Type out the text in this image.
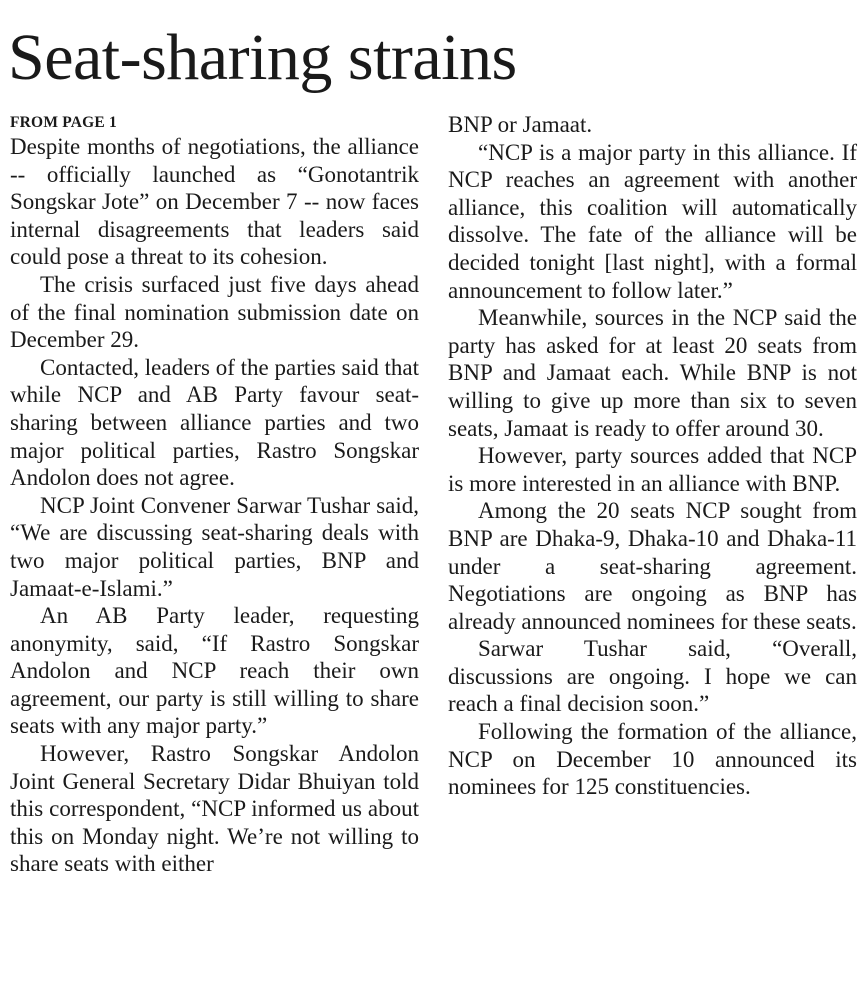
Seat-sharing strains
FROM PAGE 1

Despite months of negotiations, the alliance -- officially launched as “Gonotantrik Songskar Jote” on December 7 -- now faces internal disagreements that leaders said could pose a threat to its cohesion.

The crisis surfaced just five days ahead of the final nomination submission date on December 29.

Contacted, leaders of the parties said that while NCP and AB Party favour seat-sharing between alliance parties and two major political parties, Rastro Songskar Andolon does not agree.

NCP Joint Convener Sarwar Tushar said, “We are discussing seat-sharing deals with two major political parties, BNP and Jamaat-e-Islami.”

An AB Party leader, requesting anonymity, said, “If Rastro Songskar Andolon and NCP reach their own agreement, our party is still willing to share seats with any major party.”

However, Rastro Songskar Andolon Joint General Secretary Didar Bhuiyan told this correspondent, “NCP informed us about this on Monday night. We’re not willing to share seats with either

BNP or Jamaat.

“NCP is a major party in this alliance. If NCP reaches an agreement with another alliance, this coalition will automatically dissolve. The fate of the alliance will be decided tonight [last night], with a formal announcement to follow later.”

Meanwhile, sources in the NCP said the party has asked for at least 20 seats from BNP and Jamaat each. While BNP is not willing to give up more than six to seven seats, Jamaat is ready to offer around 30.

However, party sources added that NCP is more interested in an alliance with BNP.

Among the 20 seats NCP sought from BNP are Dhaka-9, Dhaka-10 and Dhaka-11 under a seat-sharing agreement. Negotiations are ongoing as BNP has already announced nominees for these seats.

Sarwar Tushar said, “Overall, discussions are ongoing. I hope we can reach a final decision soon.”

Following the formation of the alliance, NCP on December 10 announced its nominees for 125 constituencies.
